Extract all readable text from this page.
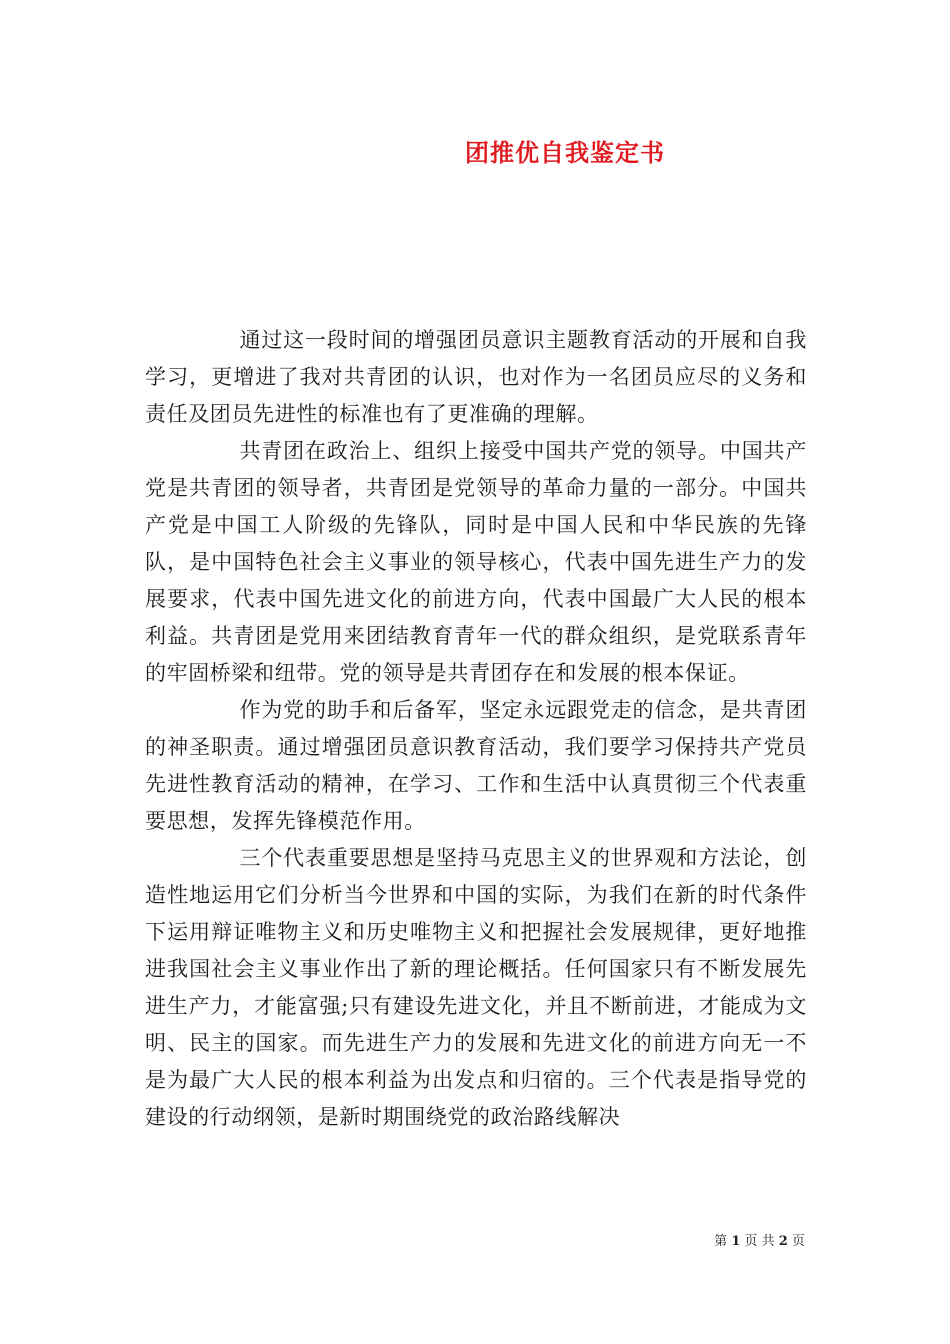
团推优自我鉴定书

通过这一段时间的增强团员意识主题教育活动的开展和自我学习，更增进了我对共青团的认识，也对作为一名团员应尽的义务和责任及团员先进性的标准也有了更准确的理解。

共青团在政治上、组织上接受中国共产党的领导。中国共产党是共青团的领导者，共青团是党领导的革命力量的一部分。中国共产党是中国工人阶级的先锋队，同时是中国人民和中华民族的先锋队，是中国特色社会主义事业的领导核心，代表中国先进生产力的发展要求，代表中国先进文化的前进方向，代表中国最广大人民的根本利益。共青团是党用来团结教育青年一代的群众组织，是党联系青年的牢固桥梁和纽带。党的领导是共青团存在和发展的根本保证。

作为党的助手和后备军，坚定永远跟党走的信念，是共青团的神圣职责。通过增强团员意识教育活动，我们要学习保持共产党员先进性教育活动的精神，在学习、工作和生活中认真贯彻三个代表重要思想，发挥先锋模范作用。

三个代表重要思想是坚持马克思主义的世界观和方法论，创造性地运用它们分析当今世界和中国的实际，为我们在新的时代条件下运用辩证唯物主义和历史唯物主义和把握社会发展规律，更好地推进我国社会主义事业作出了新的理论概括。任何国家只有不断发展先进生产力，才能富强;只有建设先进文化，并且不断前进，才能成为文明、民主的国家。而先进生产力的发展和先进文化的前进方向无一不是为最广大人民的根本利益为出发点和归宿的。三个代表是指导党的建设的行动纲领，是新时期围绕党的政治路线解决

第 1 页 共 2 页
